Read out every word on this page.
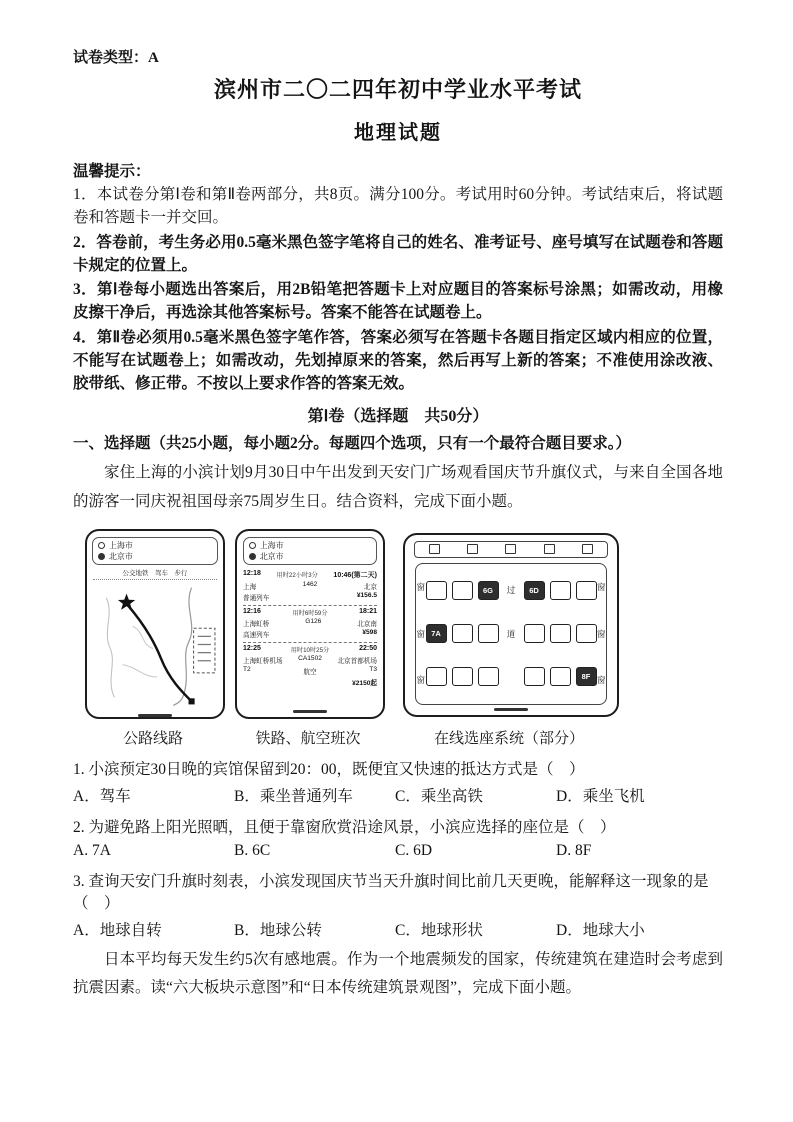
试卷类型：A
滨州市二〇二四年初中学业水平考试
地理试题
温馨提示：

1．本试卷分第Ⅰ卷和第Ⅱ卷两部分，共8页。满分100分。考试用时60分钟。考试结束后，将试题卷和答题卡一并交回。

2．答卷前，考生务必用0.5毫米黑色签字笔将自己的姓名、准考证号、座号填写在试题卷和答题卡规定的位置上。

3．第Ⅰ卷每小题选出答案后，用2B铅笔把答题卡上对应题目的答案标号涂黑；如需改动，用橡皮擦干净后，再选涂其他答案标号。答案不能答在试题卷上。

4．第Ⅱ卷必须用0.5毫米黑色签字笔作答，答案必须写在答题卡各题目指定区域内相应的位置，不能写在试题卷上；如需改动，先划掉原来的答案，然后再写上新的答案；不准使用涂改液、胶带纸、修正带。不按以上要求作答的答案无效。

第Ⅰ卷（选择题　共50分）
一、选择题（共25小题，每小题2分。每题四个选项，只有一个最符合题目要求。）

家住上海的小滨计划9月30日中午出发到天安门广场观看国庆节升旗仪式，与来自全国各地的游客一同庆祝祖国母亲75周岁生日。结合资料，完成下面小题。

上海市
北京市
公交地铁　驾车　步行
上海市
北京市
12:18	用时22小时3分 10:46(第二天)
上海	1462	北京
普通列车	¥156.5
12:16	用时6时59分	18:21
上海虹桥	G126	北京南
高速列车	¥598
12:25	用时10时25分	22:50
上海虹桥机场 CA1502 北京首都机场
T2	航空	T3
¥2150起
窗
窗
窗
6G	过	6D
7A	道
8F
窗
窗
窗
公路线路	铁路、航空班次	在线选座系统（部分）

1. 小滨预定30日晚的宾馆保留到20：00，既便宜又快速的抵达方式是（　）

A．驾车	B．乘坐普通列车	C．乘坐高铁	D．乘坐飞机

2. 为避免路上阳光照晒，且便于靠窗欣赏沿途风景，小滨应选择的座位是（　）

A. 7A	B. 6C	C. 6D	D. 8F

3. 查询天安门升旗时刻表，小滨发现国庆节当天升旗时间比前几天更晚，能解释这一现象的是（　）

A．地球自转	B．地球公转	C．地球形状	D．地球大小

日本平均每天发生约5次有感地震。作为一个地震频发的国家，传统建筑在建造时会考虑到抗震因素。读“六大板块示意图”和“日本传统建筑景观图”，完成下面小题。
